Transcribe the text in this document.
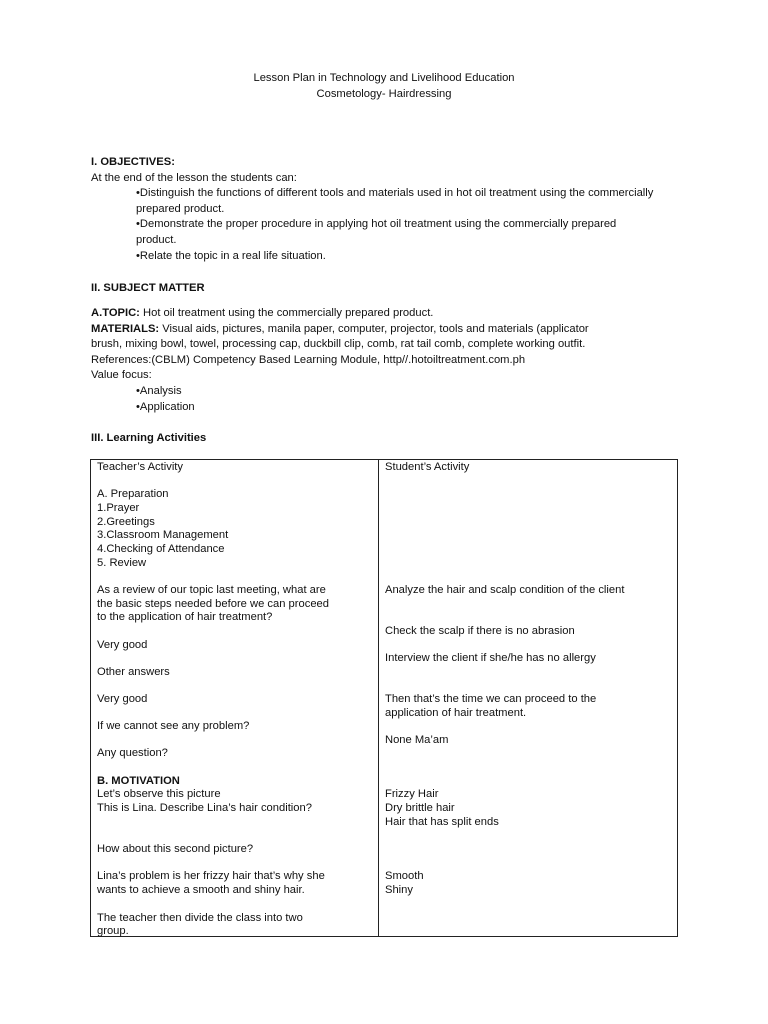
Lesson Plan in Technology and Livelihood Education
Cosmetology- Hairdressing
I. OBJECTIVES:
At the end of the lesson the students can:
•Distinguish the functions of different tools and materials used in hot oil treatment using the commercially prepared product.
•Demonstrate the proper procedure in applying hot oil treatment using the commercially prepared product.
•Relate the topic in a real life situation.
II. SUBJECT MATTER
A.TOPIC: Hot oil treatment using the commercially prepared product.
MATERIALS: Visual aids, pictures, manila paper, computer, projector, tools and materials (applicator
brush, mixing bowl, towel, processing cap, duckbill clip, comb, rat tail comb, complete working outfit.
References:(CBLM) Competency Based Learning Module, http//.hotoiltreatment.com.ph
Value focus:
•Analysis
•Application
III. Learning Activities
Teacher’s Activity
A. Preparation
1.Prayer
2.Greetings
3.Classroom Management
4.Checking of Attendance
5. Review
As a review of our topic last meeting, what are
the basic steps needed before we can proceed
to the application of hair treatment?
Very good
Other answers
Very good
If we cannot see any problem?
Any question?
B. MOTIVATION
Let’s observe this picture
This is Lina. Describe Lina’s hair condition?
How about this second picture?
Lina’s problem is her frizzy hair that’s why she
wants to achieve a smooth and shiny hair.
The teacher then divide the class into two
group.
Student’s Activity
Analyze the hair and scalp condition of the client
Check the scalp if there is no abrasion
Interview the client if she/he has no allergy
Then that’s the time we can proceed to the
application of hair treatment.
None Ma’am
Frizzy Hair
Dry brittle hair
Hair that has split ends
Smooth
Shiny
